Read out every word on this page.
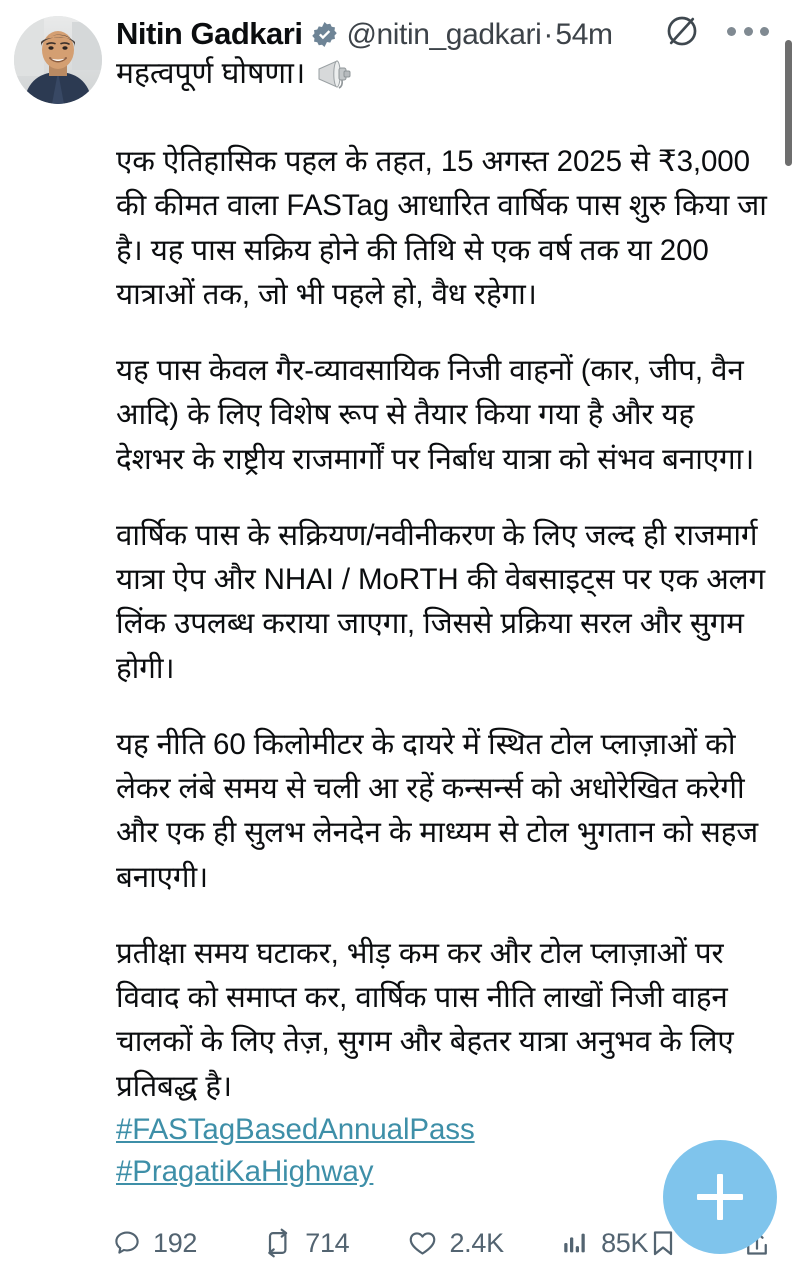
Nitin Gadkari @nitin_gadkari · 54m
महत्वपूर्ण घोषणा।

एक ऐतिहासिक पहल के तहत, 15 अगस्त 2025 से ₹3,000 की कीमत वाला FASTag आधारित वार्षिक पास शुरु किया जा है। यह पास सक्रिय होने की तिथि से एक वर्ष तक या 200 यात्राओं तक, जो भी पहले हो, वैध रहेगा।

यह पास केवल गैर-व्यावसायिक निजी वाहनों (कार, जीप, वैन आदि) के लिए विशेष रूप से तैयार किया गया है और यह देशभर के राष्ट्रीय राजमार्गों पर निर्बाध यात्रा को संभव बनाएगा।

वार्षिक पास के सक्रियण/नवीनीकरण के लिए जल्द ही राजमार्ग यात्रा ऐप और NHAI / MoRTH की वेबसाइट्स पर एक अलग लिंक उपलब्ध कराया जाएगा, जिससे प्रक्रिया सरल और सुगम होगी।

यह नीति 60 किलोमीटर के दायरे में स्थित टोल प्लाज़ाओं को लेकर लंबे समय से चली आ रहें कन्सर्न्स को अधोरेखित करेगी और एक ही सुलभ लेनदेन के माध्यम से टोल भुगतान को सहज बनाएगी।

प्रतीक्षा समय घटाकर, भीड़ कम कर और टोल प्लाज़ाओं पर विवाद को समाप्त कर, वार्षिक पास नीति लाखों निजी वाहन चालकों के लिए तेज़, सुगम और बेहतर यात्रा अनुभव के लिए प्रतिबद्ध है।

#FASTagBasedAnnualPass
#PragatiKaHighway
192	714	2.4K	85K
